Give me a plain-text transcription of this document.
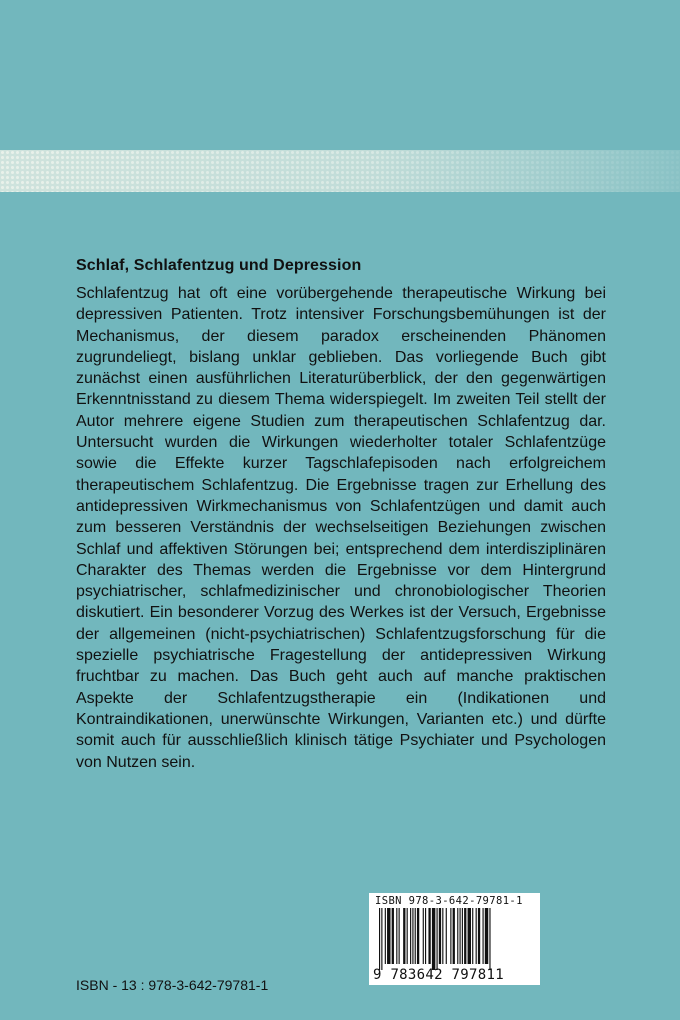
Schlaf, Schlafentzug und Depression
Schlafentzug hat oft eine vorübergehende therapeutische Wirkung bei depressiven Patienten. Trotz intensiver Forschungsbemühungen ist der Mechanismus, der diesem paradox erscheinenden Phänomen zugrundeliegt, bislang unklar geblieben. Das vorliegende Buch gibt zunächst einen ausführlichen Literaturüberblick, der den gegenwärtigen Erkenntnisstand zu diesem Thema widerspiegelt. Im zweiten Teil stellt der Autor mehrere eigene Studien zum therapeutischen Schlafentzug dar. Untersucht wurden die Wirkungen wiederholter totaler Schlafentzüge sowie die Effekte kurzer Tagschlafepisoden nach erfolgreichem therapeutischem Schlafentzug. Die Ergebnisse tragen zur Erhellung des antidepressiven Wirkmechanismus von Schlafentzügen und damit auch zum besseren Verständnis der wechselseitigen Beziehungen zwischen Schlaf und affektiven Störungen bei; entsprechend dem interdisziplinären Charakter des Themas werden die Ergebnisse vor dem Hintergrund psychiatrischer, schlafmedizinischer und chronobiologischer Theorien diskutiert. Ein besonderer Vorzug des Werkes ist der Versuch, Ergebnisse der allgemeinen (nicht-psychiatrischen) Schlafentzugsforschung für die spezielle psychiatrische Fragestellung der antidepressiven Wirkung fruchtbar zu machen. Das Buch geht auch auf manche praktischen Aspekte der Schlafentzugstherapie ein (Indikationen und Kontraindikationen, unerwünschte Wirkungen, Varianten etc.) und dürfte somit auch für ausschließlich klinisch tätige Psychiater und Psychologen von Nutzen sein.
ISBN 978-3-642-79781-1
9 783642 797811
ISBN - 13 : 978-3-642-79781-1
